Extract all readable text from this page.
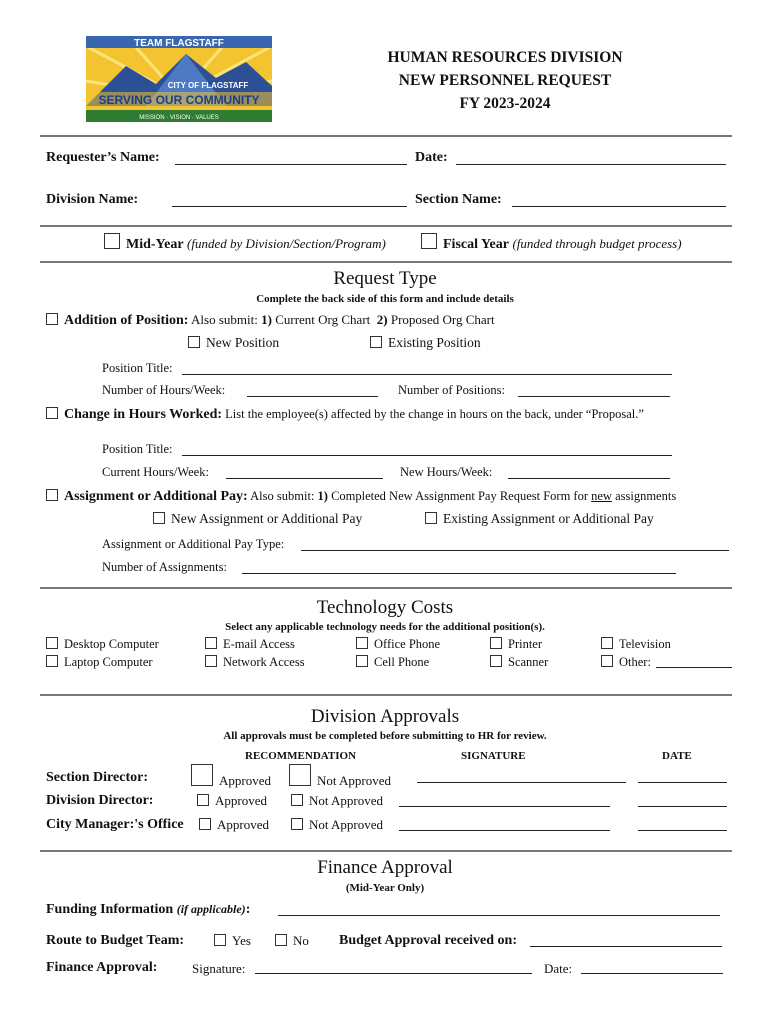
TEAM FLAGSTAFF
CITY OF FLAGSTAFF
SERVING OUR COMMUNITY
MISSION · VISION · VALUES
HUMAN RESOURCES DIVISION
NEW PERSONNEL REQUEST
FY 2023-2024
Requester’s Name:	Date:
Division Name:	Section Name:
Mid-Year (funded by Division/Section/Program)	Fiscal Year (funded through budget process)
Request Type
Complete the back side of this form and include details
Addition of Position: Also submit: 1) Current Org Chart 2) Proposed Org Chart
New Position	Existing Position
Position Title:
Number of Hours/Week:	Number of Positions:
Change in Hours Worked: List the employee(s) affected by the change in hours on the back, under “Proposal.”
Position Title:
Current Hours/Week:	New Hours/Week:
Assignment or Additional Pay: Also submit: 1) Completed New Assignment Pay Request Form for new assignments
New Assignment or Additional Pay	Existing Assignment or Additional Pay
Assignment or Additional Pay Type:
Number of Assignments:
Technology Costs
Select any applicable technology needs for the additional position(s).
Desktop Computer	E-mail Access	Office Phone	Printer	Television
Laptop Computer	Network Access	Cell Phone	Scanner	Other:
Division Approvals
All approvals must be completed before submitting to HR for review.
RECOMMENDATION	SIGNATURE	DATE
Section Director:	Approved	Not Approved
Division Director:	Approved	Not Approved
City Manager:'s Office	Approved	Not Approved
Finance Approval
(Mid-Year Only)
Funding Information (if applicable):
Route to Budget Team:	Yes	No Budget Approval received on:
Finance Approval:	Signature:	Date:
